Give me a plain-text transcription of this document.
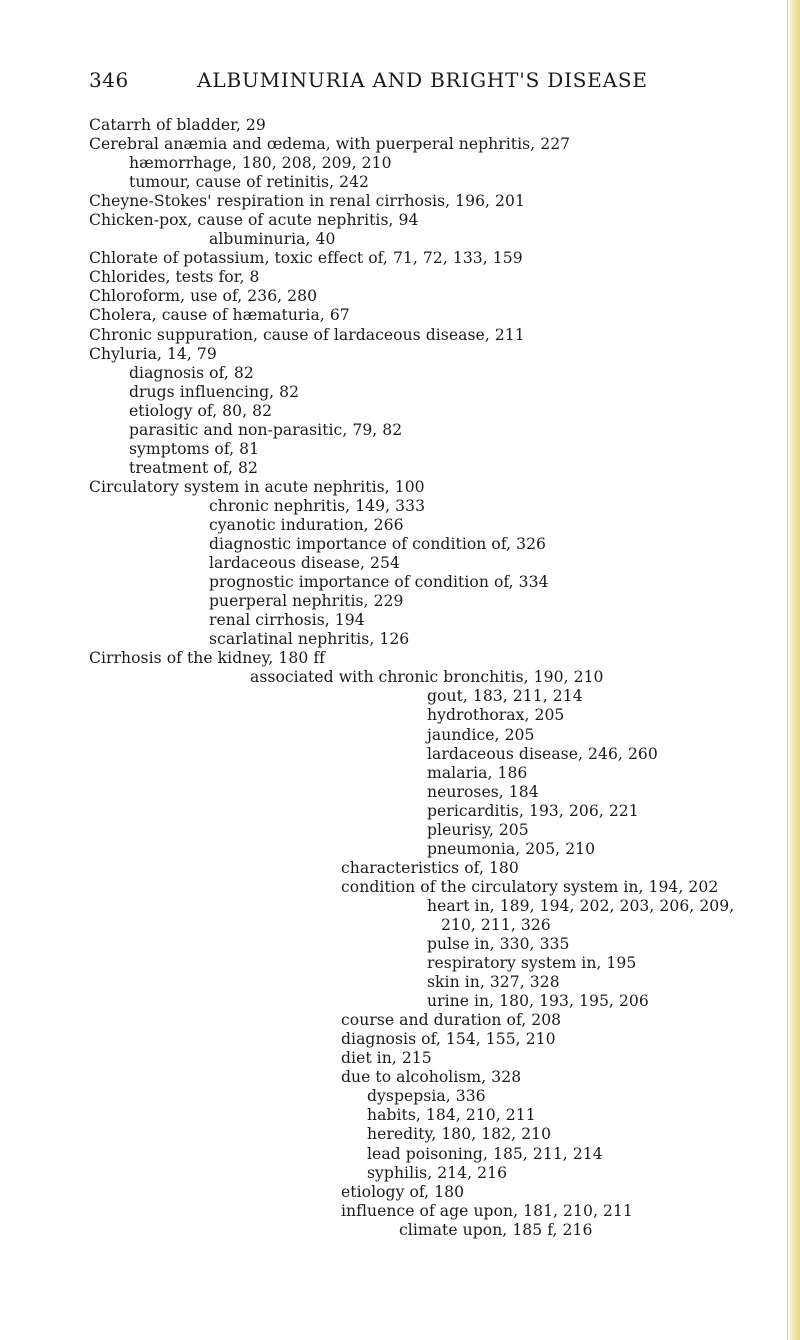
346	ALBUMINURIA AND BRIGHT'S DISEASE
Catarrh of bladder, 29
Cerebral anæmia and œdema, with puerperal nephritis, 227
hæmorrhage, 180, 208, 209, 210
tumour, cause of retinitis, 242
Cheyne-Stokes' respiration in renal cirrhosis, 196, 201
Chicken-pox, cause of acute nephritis, 94
albuminuria, 40
Chlorate of potassium, toxic effect of, 71, 72, 133, 159
Chlorides, tests for, 8
Chloroform, use of, 236, 280
Cholera, cause of hæmaturia, 67
Chronic suppuration, cause of lardaceous disease, 211
Chyluria, 14, 79
diagnosis of, 82
drugs influencing, 82
etiology of, 80, 82
parasitic and non-parasitic, 79, 82
symptoms of, 81
treatment of, 82
Circulatory system in acute nephritis, 100
chronic nephritis, 149, 333
cyanotic induration, 266
diagnostic importance of condition of, 326
lardaceous disease, 254
prognostic importance of condition of, 334
puerperal nephritis, 229
renal cirrhosis, 194
scarlatinal nephritis, 126
Cirrhosis of the kidney, 180 ff
associated with chronic bronchitis, 190, 210
gout, 183, 211, 214
hydrothorax, 205
jaundice, 205
lardaceous disease, 246, 260
malaria, 186
neuroses, 184
pericarditis, 193, 206, 221
pleurisy, 205
pneumonia, 205, 210
characteristics of, 180
condition of the circulatory system in, 194, 202
heart in, 189, 194, 202, 203, 206, 209,
210, 211, 326
pulse in, 330, 335
respiratory system in, 195
skin in, 327, 328
urine in, 180, 193, 195, 206
course and duration of, 208
diagnosis of, 154, 155, 210
diet in, 215
due to alcoholism, 328
dyspepsia, 336
habits, 184, 210, 211
heredity, 180, 182, 210
lead poisoning, 185, 211, 214
syphilis, 214, 216
etiology of, 180
influence of age upon, 181, 210, 211
climate upon, 185 f, 216
